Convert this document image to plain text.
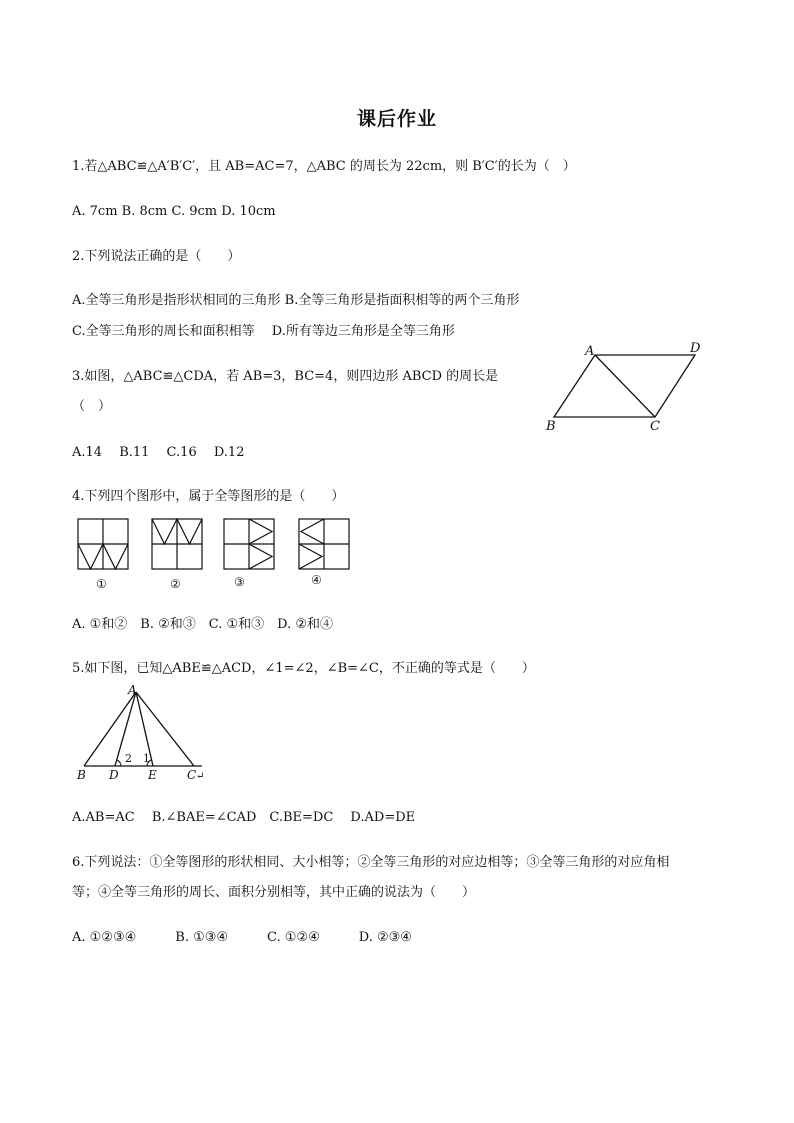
课后作业
1.若△ABC≌△A′B′C′，且 AB=AC=7，△ABC 的周长为 22cm，则 B′C′的长为（　）
A. 7cm B. 8cm C. 9cm D. 10cm
2.下列说法正确的是（　　）
A.全等三角形是指形状相同的三角形 B.全等三角形是指面积相等的两个三角形
C.全等三角形的周长和面积相等　 D.所有等边三角形是全等三角形
3.如图，△ABC≌△CDA，若 AB=3，BC=4，则四边形 ABCD 的周长是
（　）
A.14　 B.11　 C.16　 D.12
A	D
B	C
4.下列四个图形中，属于全等图形的是（　　）
①	②	③	④
A. ①和②　B. ②和③　C. ①和③　D. ②和④
5.如下图，已知△ABE≌△ACD，∠1=∠2，∠B=∠C，不正确的等式是（　　）
A
B D E	C ↵
2 1
A.AB=AC　 B.∠BAE=∠CAD　C.BE=DC　 D.AD=DE
6.下列说法：①全等图形的形状相同、大小相等；②全等三角形的对应边相等；③全等三角形的对应角相
等；④全等三角形的周长、面积分别相等，其中正确的说法为（　　）
A. ①②③④　　　B. ①③④　　　C. ①②④　　　D. ②③④
